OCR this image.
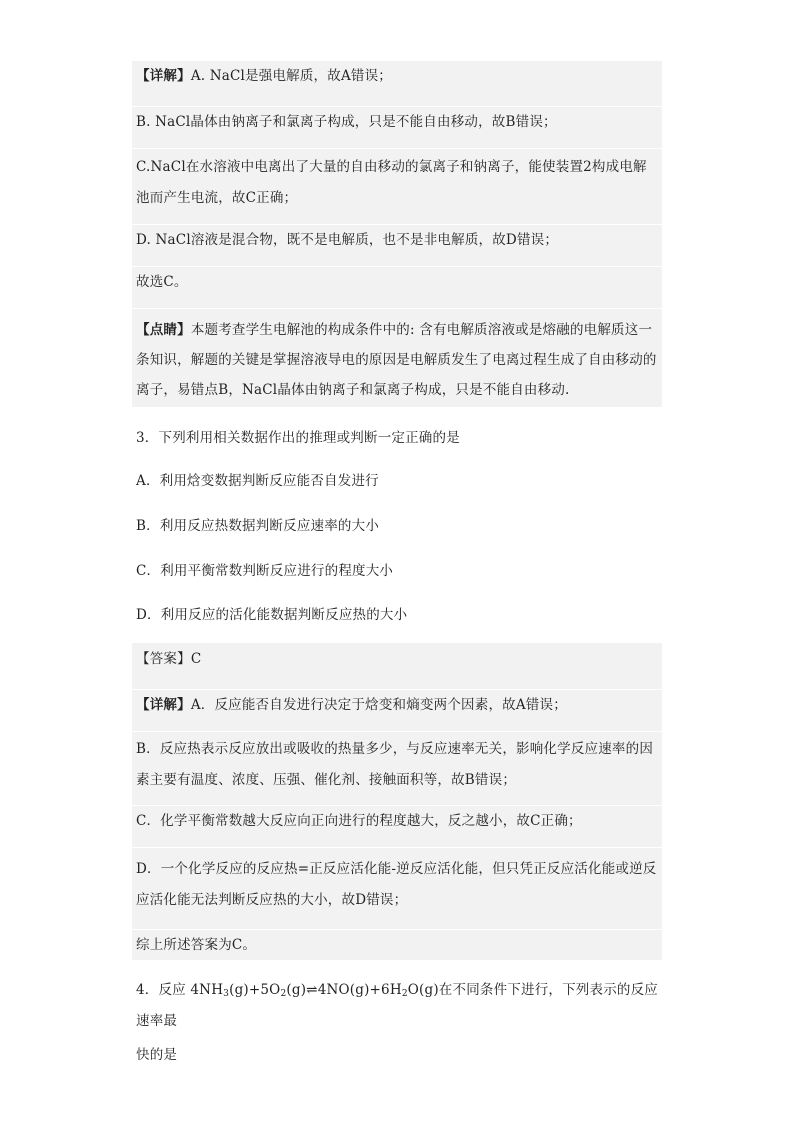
【详解】A. NaCl是强电解质，故A错误；
B. NaCl晶体由钠离子和氯离子构成，只是不能自由移动，故B错误；
C.NaCl在水溶液中电离出了大量的自由移动的氯离子和钠离子，能使装置2构成电解
池而产生电流，故C正确；
D. NaCl溶液是混合物，既不是电解质，也不是非电解质，故D错误；
故选C。
【点睛】本题考查学生电解池的构成条件中的: 含有电解质溶液或是熔融的电解质这一
条知识，解题的关键是掌握溶液导电的原因是电解质发生了电离过程生成了自由移动的
离子，易错点B，NaCl晶体由钠离子和氯离子构成，只是不能自由移动.
3．下列利用相关数据作出的推理或判断一定正确的是
A．利用焓变数据判断反应能否自发进行
B．利用反应热数据判断反应速率的大小
C．利用平衡常数判断反应进行的程度大小
D．利用反应的活化能数据判断反应热的大小
【答案】C
【详解】A．反应能否自发进行决定于焓变和熵变两个因素，故A错误；
B．反应热表示反应放出或吸收的热量多少，与反应速率无关，影响化学反应速率的因
素主要有温度、浓度、压强、催化剂、接触面积等，故B错误；
C．化学平衡常数越大反应向正向进行的程度越大，反之越小，故C正确；
D．一个化学反应的反应热=正反应活化能-逆反应活化能，但只凭正反应活化能或逆反
应活化能无法判断反应热的大小，故D错误；
综上所述答案为C。
4．反应 $4NH_3(g)+5O_2(g)\rightleftharpoons 4NO(g)+6H_2O(g)$在不同条件下进行，下列表示的反应速率最
快的是
